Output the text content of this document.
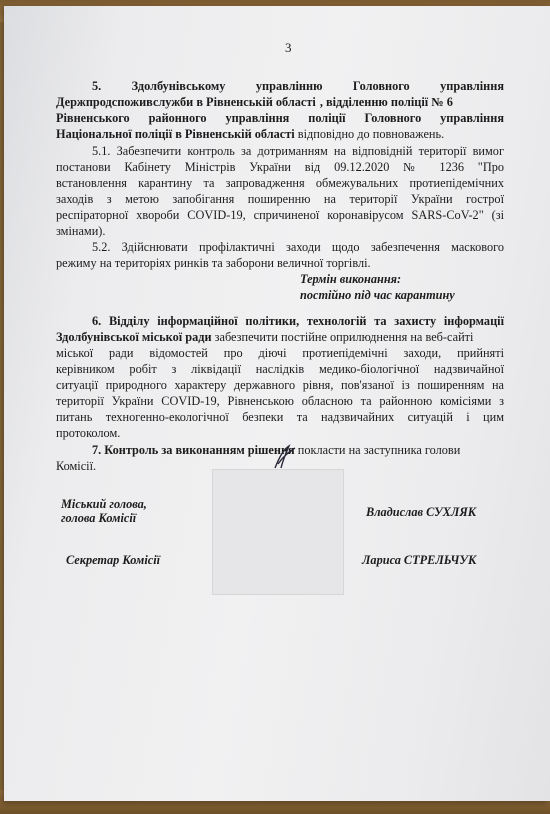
3
5. Здолбунівському управлінню Головного управління
Держпродспоживслужби в Рівненській області , відділенню поліції № 6
Рівненського районного управління поліції Головного управління
Національної поліції в Рівненській області відповідно до повноважень.
5.1. Забезпечити контроль за дотриманням на відповідній території вимог
постанови Кабінету Міністрів України від 09.12.2020 № 1236 "Про
встановлення карантину та запровадження обмежувальних протиепідемічних
заходів з метою запобігання поширенню на території України гострої
респіраторної хвороби COVID-19, спричиненої коронавірусом SARS-CoV-2" (зі
змінами).
5.2. Здійснювати профілактичні заходи щодо забезпечення маскового
режиму на територіях ринків та заборони величної торгівлі.
Термін виконання:
постійно під час карантину
6. Відділу інформаційної політики, технологій та захисту інформації
Здолбунівської міської ради забезпечити постійне оприлюднення на веб-сайті
міської ради відомостей про діючі протиепідемічні заходи, прийняті
керівником робіт з ліквідації наслідків медико-біологічної надзвичайної
ситуації природного характеру державного рівня, пов'язаної із поширенням на
території України COVID-19, Рівненською обласною та районною комісіями з
питань техногенно-екологічної безпеки та надзвичайних ситуацій і цим
протоколом.
7. Контроль за виконанням рішення покласти на заступника голови
Комісії.
Міський голова,
голова Комісії	Владислав СУХЛЯК
Секретар Комісії	Лариса СТРЕЛЬЧУК
